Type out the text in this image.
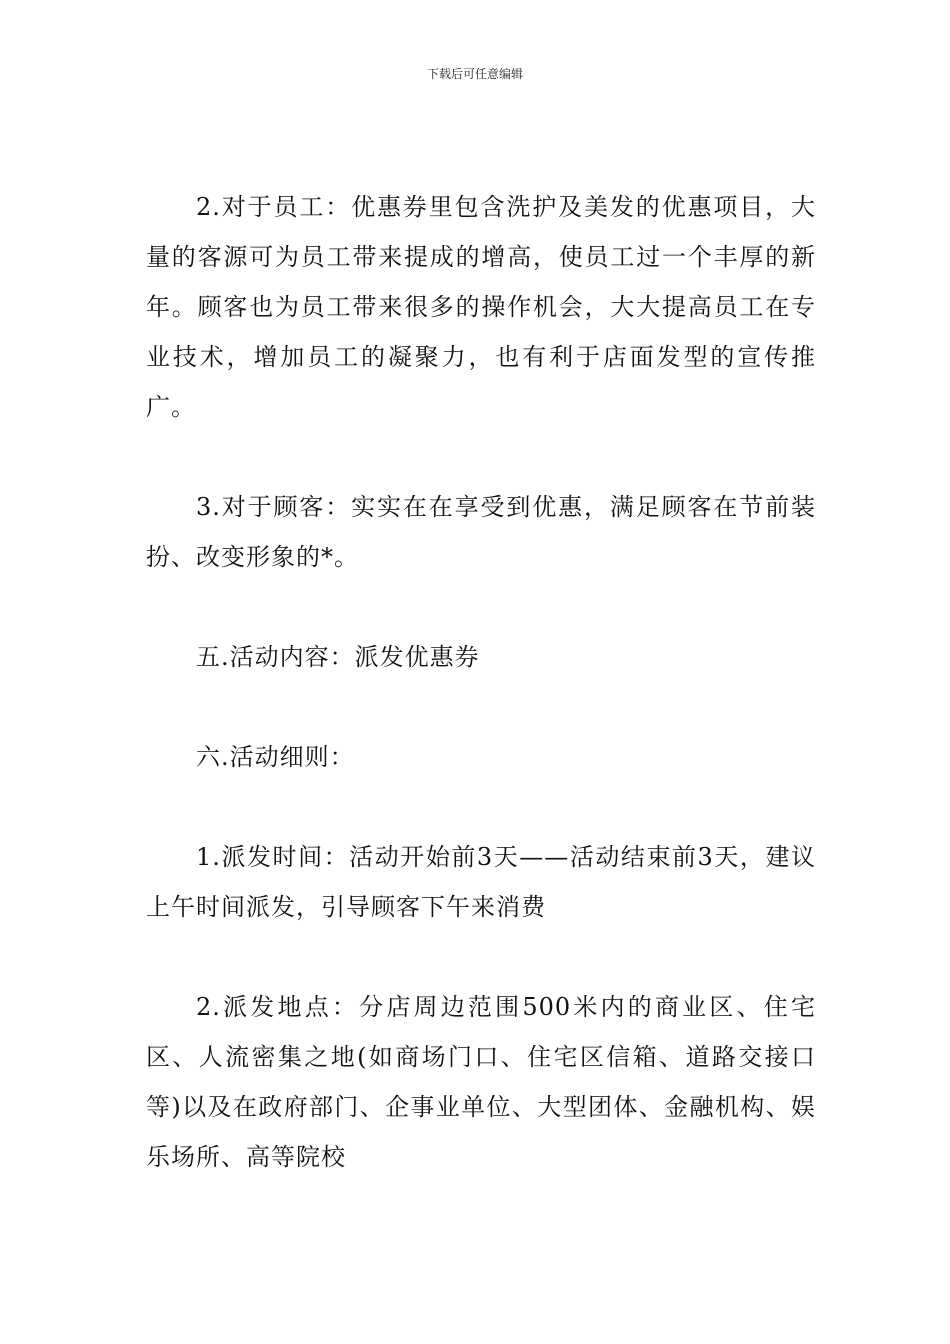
下载后可任意编辑

2.对于员工：优惠券里包含洗护及美发的优惠项目，大量的客源可为员工带来提成的增高，使员工过一个丰厚的新年。顾客也为员工带来很多的操作机会，大大提高员工在专业技术，增加员工的凝聚力，也有利于店面发型的宣传推广。

3.对于顾客：实实在在享受到优惠，满足顾客在节前装扮、改变形象的*。

五.活动内容：派发优惠券

六.活动细则：

1.派发时间：活动开始前3天——活动结束前3天，建议上午时间派发，引导顾客下午来消费

2.派发地点：分店周边范围500米内的商业区、住宅区、人流密集之地(如商场门口、住宅区信箱、道路交接口等)以及在政府部门、企事业单位、大型团体、金融机构、娱乐场所、高等院校
